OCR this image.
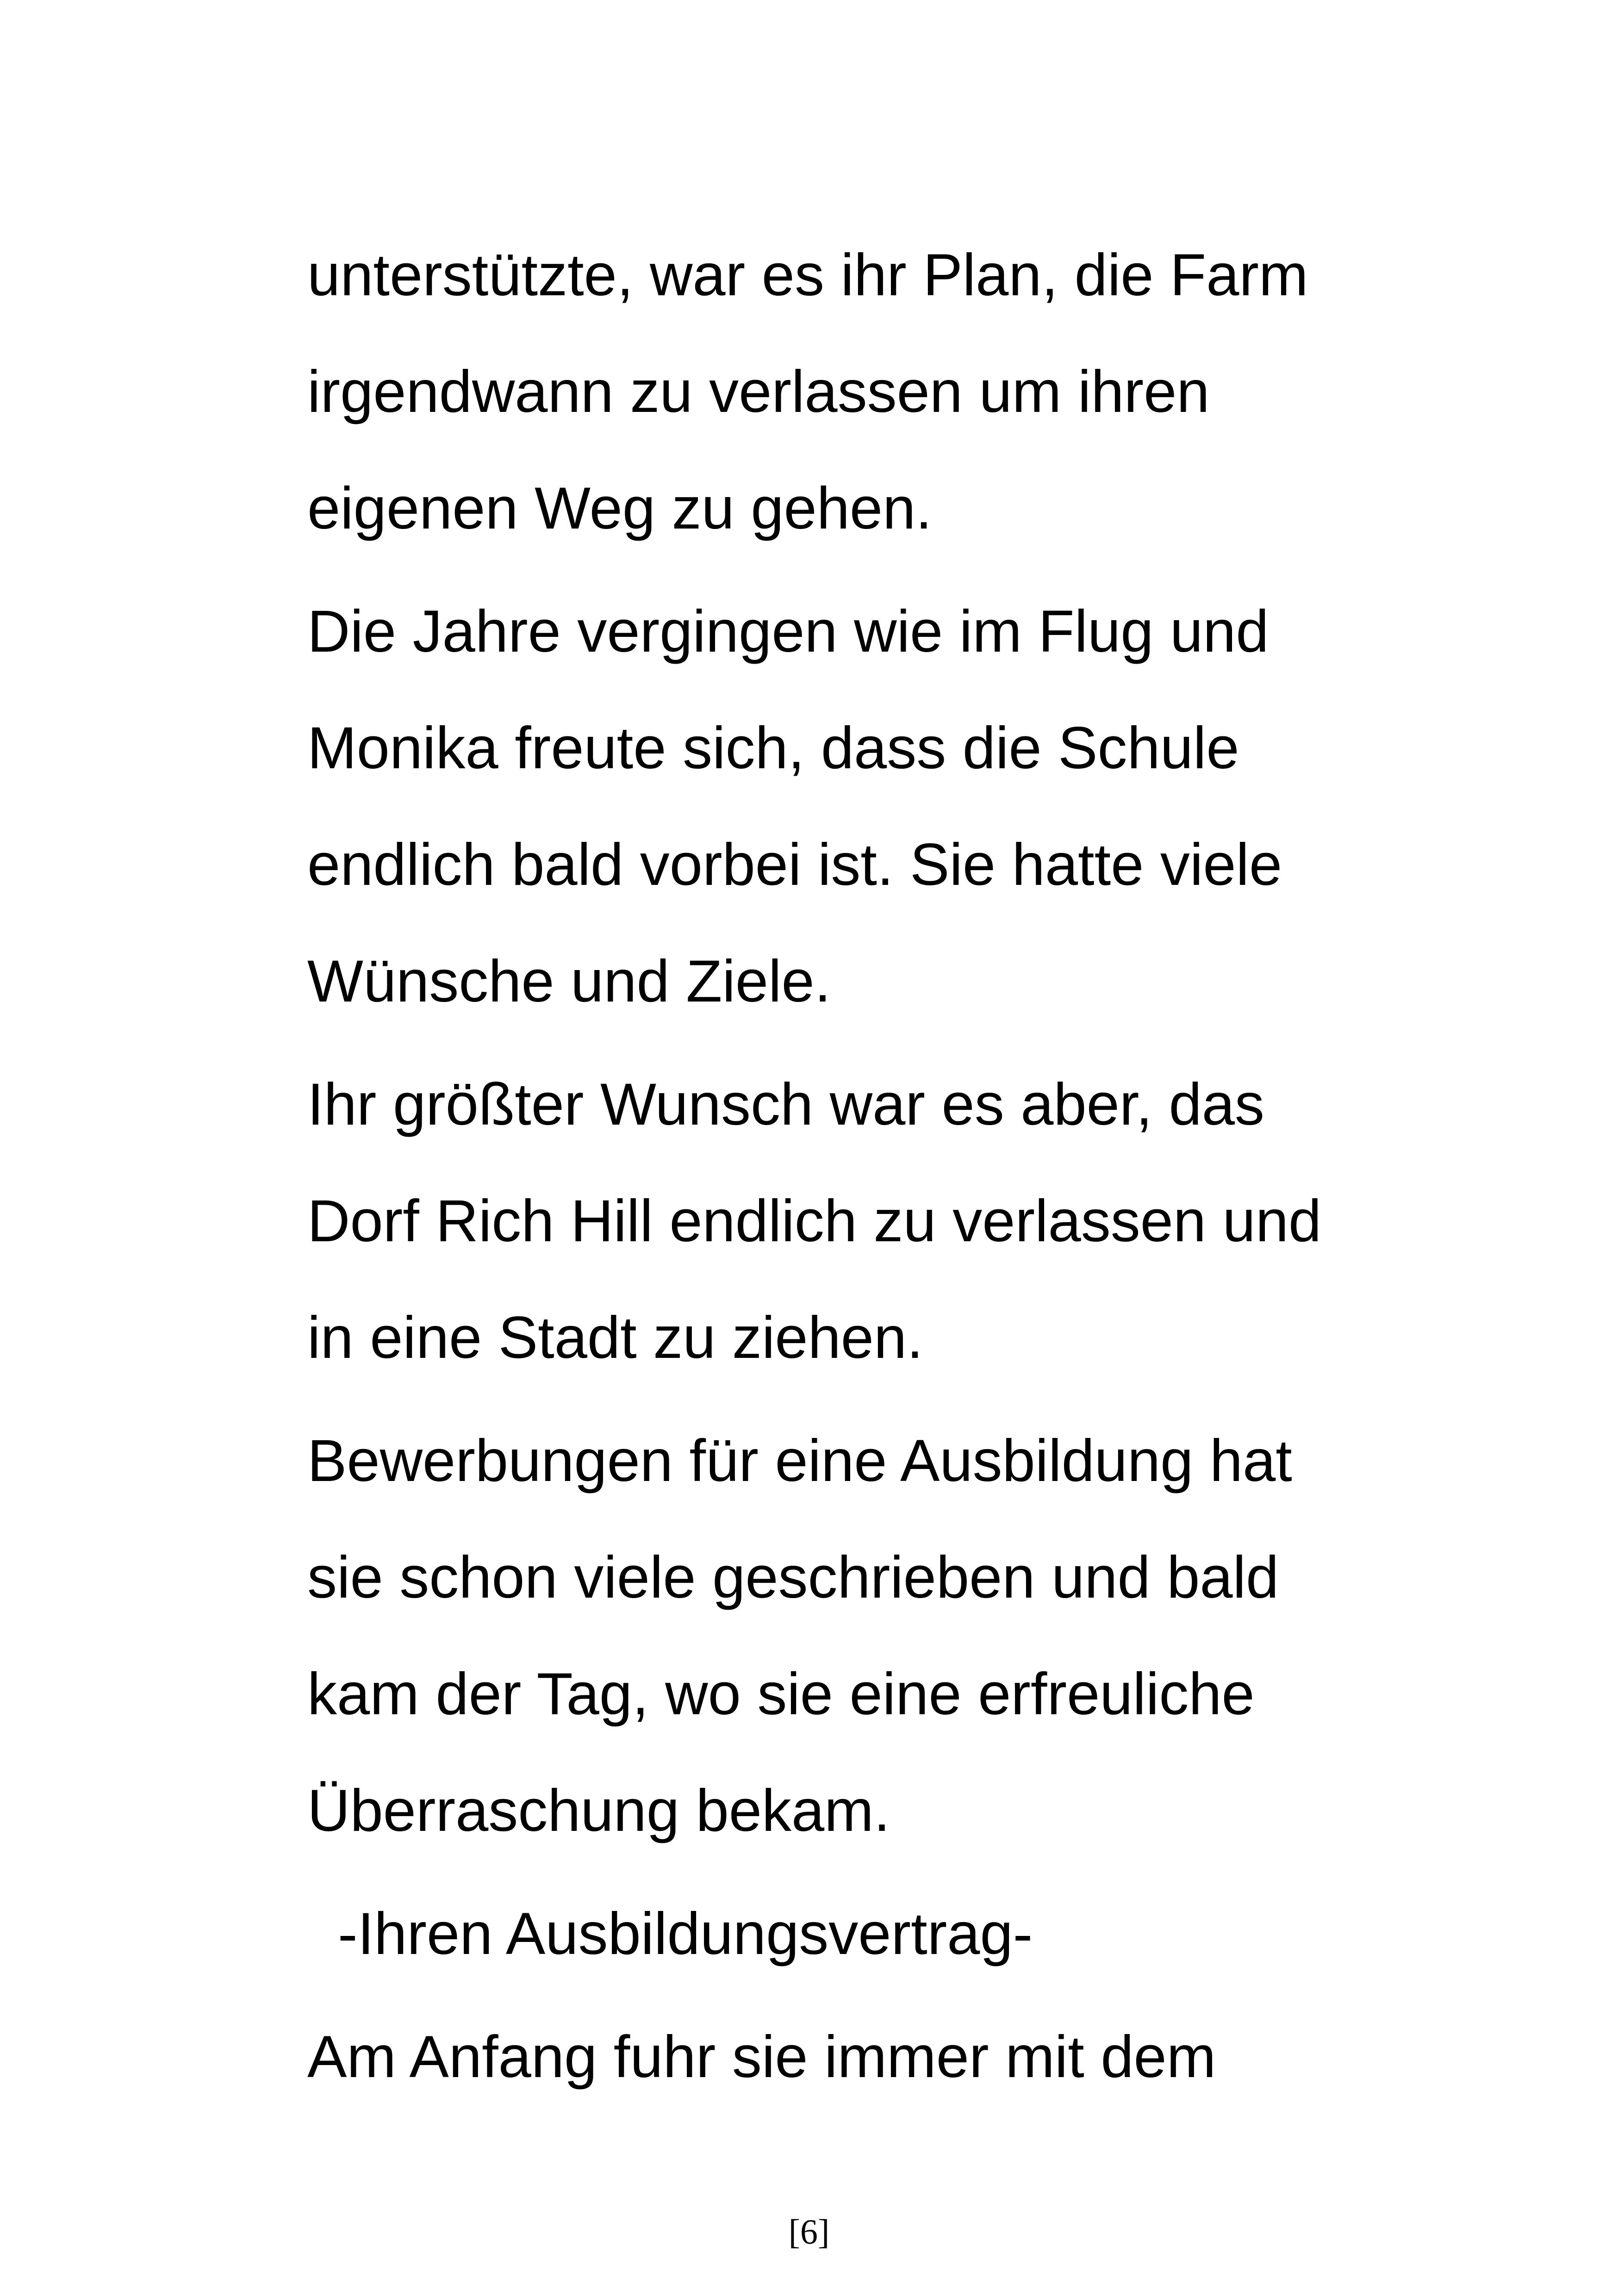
unterstützte, war es ihr Plan, die Farm
irgendwann zu verlassen um ihren
eigenen Weg zu gehen.
Die Jahre vergingen wie im Flug und
Monika freute sich, dass die Schule
endlich bald vorbei ist. Sie hatte viele
Wünsche und Ziele.
Ihr größter Wunsch war es aber, das
Dorf Rich Hill endlich zu verlassen und
in eine Stadt zu ziehen.
Bewerbungen für eine Ausbildung hat
sie schon viele geschrieben und bald
kam der Tag, wo sie eine erfreuliche
Überraschung bekam.
-Ihren Ausbildungsvertrag-
Am Anfang fuhr sie immer mit dem
[6]
